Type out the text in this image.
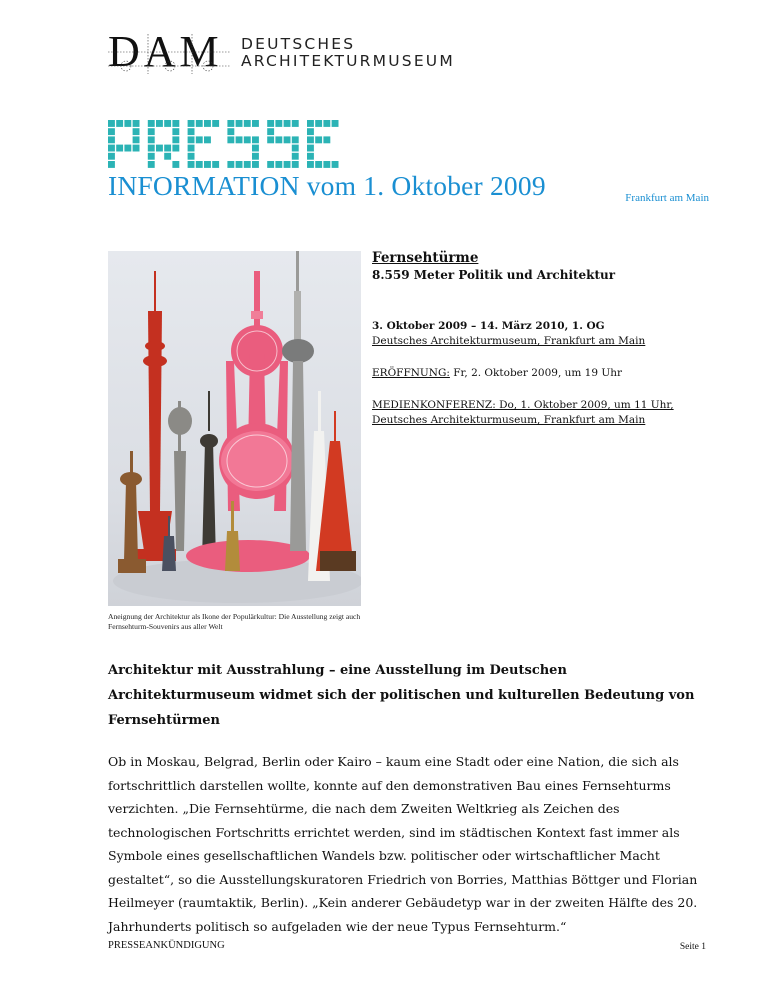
DAM DEUTSCHES
ARCHITEKTURMUSEUM
INFORMATION vom 1. Oktober 2009	Frankfurt am Main
Aneignung der Architektur als Ikone der Populärkultur: Die Ausstellung zeigt auch Fernsehturm-Souvenirs aus aller Welt
Fernsehtürme
8.559 Meter Politik und Architektur
3. Oktober 2009 – 14. März 2010, 1. OG
Deutsches Architekturmuseum, Frankfurt am Main
ERÖFFNUNG: Fr, 2. Oktober 2009, um 19 Uhr
MEDIENKONFERENZ: Do, 1. Oktober 2009, um 11 Uhr,
Deutsches Architekturmuseum, Frankfurt am Main
Architektur mit Ausstrahlung – eine Ausstellung im Deutschen
Architekturmuseum widmet sich der politischen und kulturellen Bedeutung von
Fernsehtürmen
Ob in Moskau, Belgrad, Berlin oder Kairo – kaum eine Stadt oder eine Nation, die sich als
fortschrittlich darstellen wollte, konnte auf den demonstrativen Bau eines Fernsehturms
verzichten. „Die Fernsehtürme, die nach dem Zweiten Weltkrieg als Zeichen des
technologischen Fortschritts errichtet werden, sind im städtischen Kontext fast immer als
Symbole eines gesellschaftlichen Wandels bzw. politischer oder wirtschaftlicher Macht
gestaltet“, so die Ausstellungskuratoren Friedrich von Borries, Matthias Böttger und Florian
Heilmeyer (raumtaktik, Berlin). „Kein anderer Gebäudetyp war in der zweiten Hälfte des 20.
Jahrhunderts politisch so aufgeladen wie der neue Typus Fernsehturm.“
PRESSEANKÜNDIGUNG	Seite 1
